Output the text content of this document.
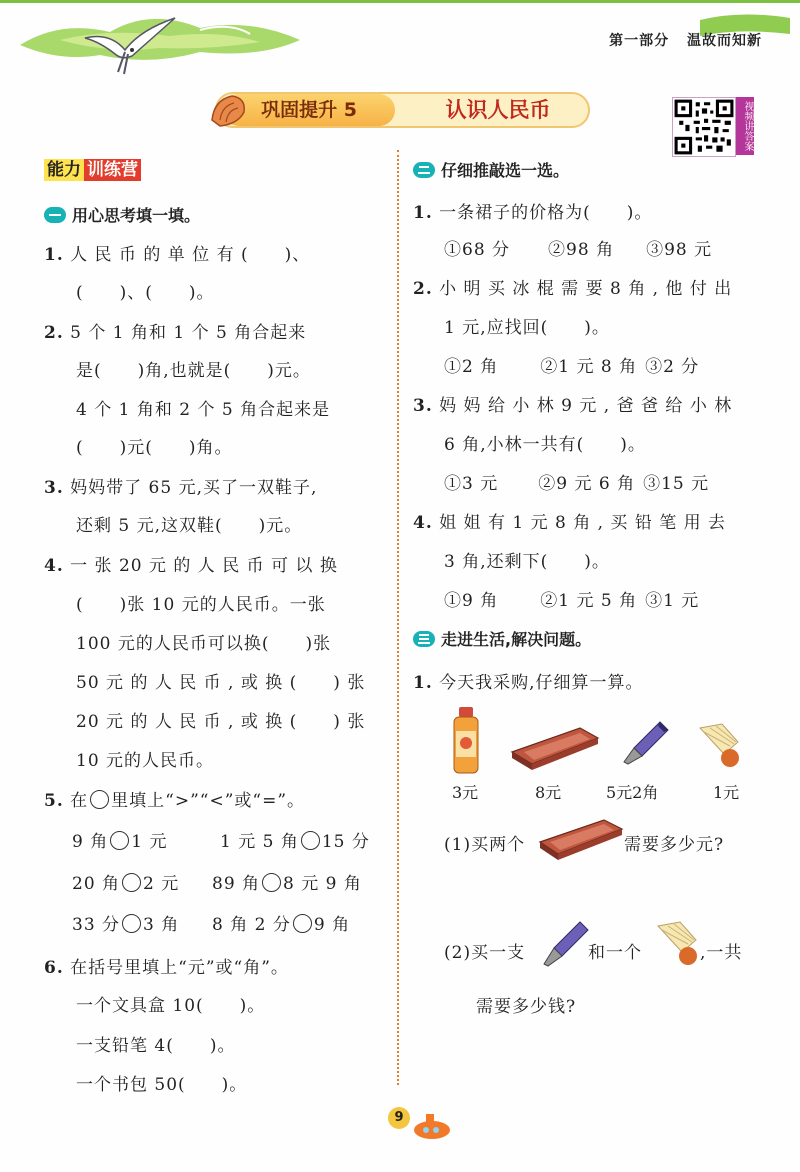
第一部分 温故而知新
巩固提升 5	认识人民币	视频讲答案
能力 训练营
用心思考填一填。
1. 人 民 币 的 单 位 有 (　　)、
(　　)、(　　)。
2. 5 个 1 角和 1 个 5 角合起来
是(　　)角,也就是(　　)元。
4 个 1 角和 2 个 5 角合起来是
(　　)元(　　)角。
3. 妈妈带了 65 元,买了一双鞋子,
还剩 5 元,这双鞋(　　)元。
4. 一 张 20 元 的 人 民 币 可 以 换
(　　)张 10 元的人民币。一张
100 元的人民币可以换(　　)张
50 元 的 人 民 币 , 或 换 (　　) 张
20 元 的 人 民 币 , 或 换 (　　) 张
10 元的人民币。
5. 在 里填上“>”“<”或“=”。
9 角 1 元	1 元 5 角 15 分
20 角 2 元 89 角 8 元 9 角
33 分 3 角 8 角 2 分 9 角
6. 在括号里填上“元”或“角”。
一个文具盒 10(　　)。
一支铅笔 4(　　)。
一个书包 50(　　)。
仔细推敲选一选。
1. 一条裙子的价格为(　　)。
①68 分 ②98 角 ③98 元
2. 小 明 买 冰 棍 需 要 8 角 , 他 付 出
1 元,应找回(　　)。
①2 角 ②1 元 8 角 ③2 分
3. 妈 妈 给 小 林 9 元 , 爸 爸 给 小 林
6 角,小林一共有(　　)。
①3 元 ②9 元 6 角 ③15 元
4. 姐 姐 有 1 元 8 角 , 买 铅 笔 用 去
3 角,还剩下(　　)。
①9 角 ②1 元 5 角 ③1 元
走进生活,解决问题。
1. 今天我采购,仔细算一算。
3元	8元	5元2角	1元
(1)买两个	需要多少元?
(2)买一支	和一个	,一共
需要多少钱?
9
